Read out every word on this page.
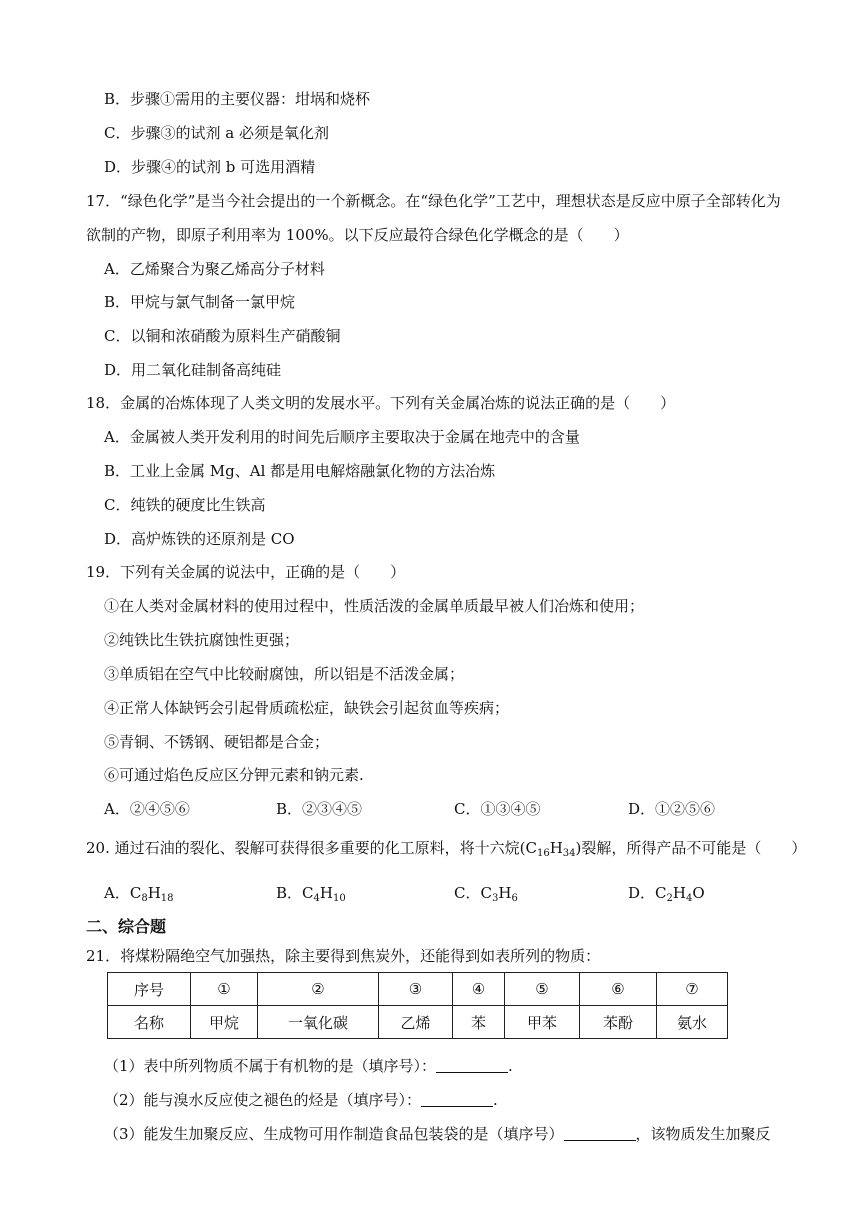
B．步骤①需用的主要仪器：坩埚和烧杯
C．步骤③的试剂 a 必须是氧化剂
D．步骤④的试剂 b 可选用酒精
17．“绿色化学”是当今社会提出的一个新概念。在“绿色化学”工艺中，理想状态是反应中原子全部转化为
欲制的产物，即原子利用率为 100%。以下反应最符合绿色化学概念的是（　　）
A．乙烯聚合为聚乙烯高分子材料
B．甲烷与氯气制备一氯甲烷
C．以铜和浓硝酸为原料生产硝酸铜
D．用二氧化硅制备高纯硅
18．金属的冶炼体现了人类文明的发展水平。下列有关金属冶炼的说法正确的是（　　）
A．金属被人类开发利用的时间先后顺序主要取决于金属在地壳中的含量
B．工业上金属 Mg、Al 都是用电解熔融氯化物的方法冶炼
C．纯铁的硬度比生铁高
D．高炉炼铁的还原剂是 CO
19．下列有关金属的说法中，正确的是（　　）
①在人类对金属材料的使用过程中，性质活泼的金属单质最早被人们冶炼和使用；
②纯铁比生铁抗腐蚀性更强；
③单质铝在空气中比较耐腐蚀，所以铝是不活泼金属；
④正常人体缺钙会引起骨质疏松症，缺铁会引起贫血等疾病；
⑤青铜、不锈钢、硬铝都是合金；
⑥可通过焰色反应区分钾元素和钠元素.
A．②④⑤⑥	B．②③④⑤	C．①③④⑤	D．①②⑤⑥
20. 通过石油的裂化、裂解可获得很多重要的化工原料，将十六烷$(C_{16}H_{34})$裂解，所得产品不可能是（　　）
A．$C_8H_{18}$	B．$C_4H_{10}$	C．$C_3H_6$	D．$C_2H_4O$
二、综合题
21．将煤粉隔绝空气加强热，除主要得到焦炭外，还能得到如表所列的物质：
序号	①	②	③	④	⑤	⑥	⑦
名称	甲烷	一氧化碳	乙烯	苯	甲苯	苯酚	氨水
（1）表中所列物质不属于有机物的是（填序号）：	.
（2）能与溴水反应使之褪色的烃是（填序号）：	.
（3）能发生加聚反应、生成物可用作制造食品包装袋的是（填序号）	，该物质发生加聚反
